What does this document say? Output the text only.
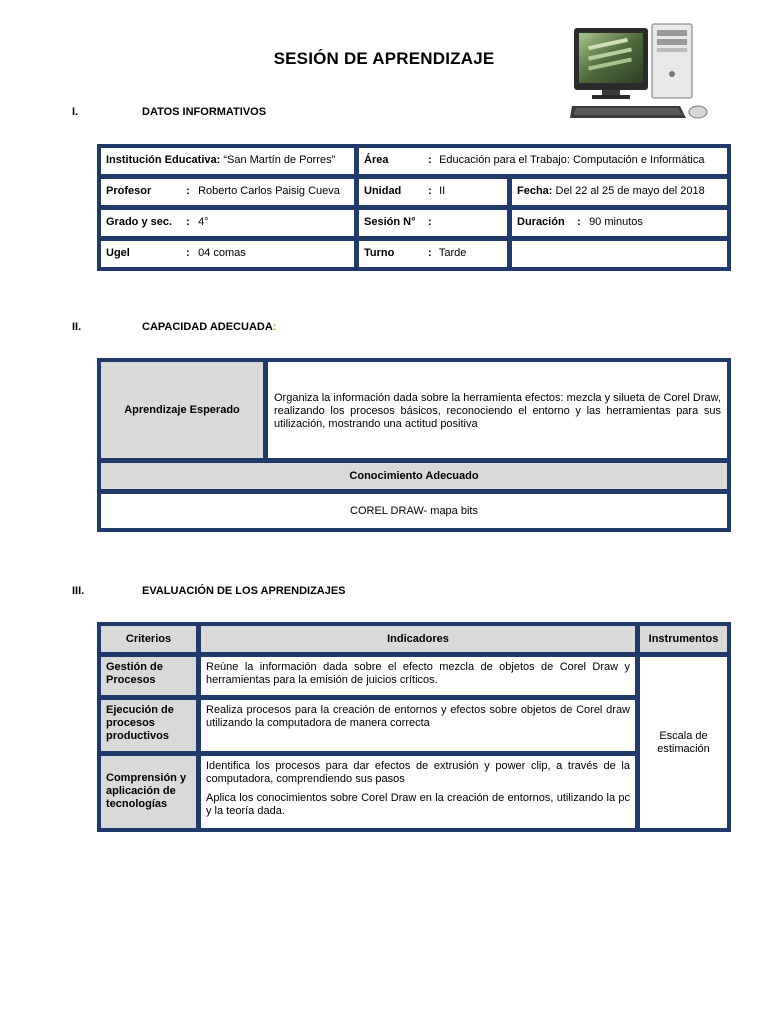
SESIÓN DE APRENDIZAJE
I.	DATOS INFORMATIVOS
Institución Educativa: “San Martín de Porres”	Área : Educación para el Trabajo: Computación e Informática	
Profesor : Roberto Carlos Paisig Cueva	Unidad : II	Fecha: Del 22 al 25 de mayo del 2018
Grado y sec. : 4°	Sesión N° :	Duración : 90 minutos
Ugel : 04 comas	Turno : Tarde	
II.	CAPACIDAD ADECUADA:
Aprendizaje Esperado	Organiza la información dada sobre la herramienta efectos: mezcla y silueta de Corel Draw, realizando los procesos básicos, reconociendo el entorno y las herramientas para sus utilización, mostrando una actitud positiva
Conocimiento Adecuado
COREL DRAW- mapa bits
III.	EVALUACIÓN DE LOS APRENDIZAJES
Criterios	Indicadores	Instrumentos
Gestión de Procesos	Reúne la información dada sobre el efecto mezcla de objetos de Corel Draw y herramientas para la emisión de juicios críticos.	Escala de estimación
Ejecución de procesos productivos	Realiza procesos para la creación de entornos y efectos sobre objetos de Corel draw utilizando la computadora de manera correcta	
Comprensión y aplicación de tecnologías	Identifica los procesos para dar efectos de extrusión y power clip, a través de la computadora, comprendiendo sus pasos
Aplica los conocimientos sobre Corel Draw en la creación de entornos, utilizando la pc y la teoría dada.	
